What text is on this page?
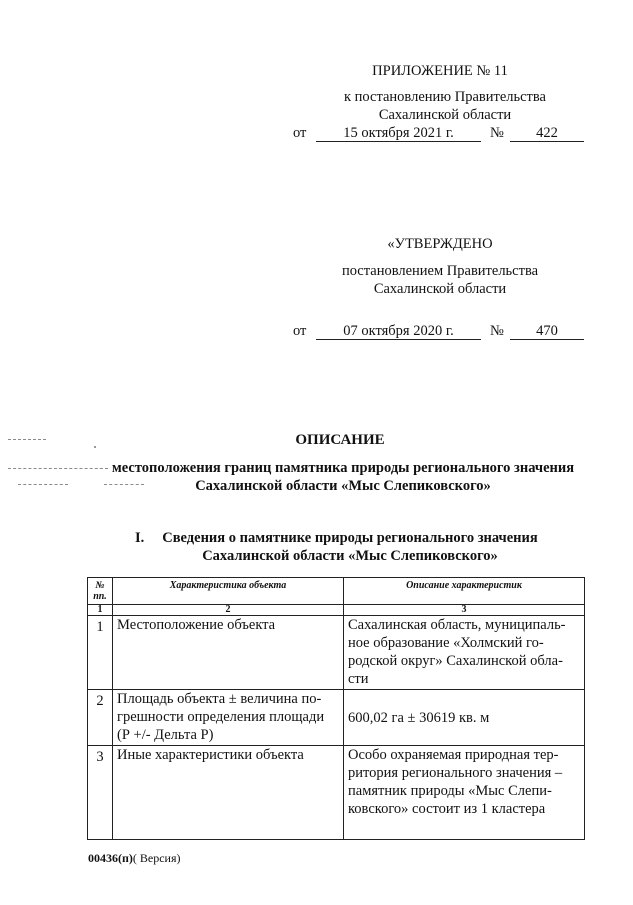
ПРИЛОЖЕНИЕ № 11
к постановлению Правительства
Сахалинской области
от	15 октября 2021 г.	№	422
«УТВЕРЖДЕНО
постановлением Правительства
Сахалинской области
от	07 октября 2020 г.	№	470
ОПИСАНИЕ
местоположения границ памятника природы регионального значения
Сахалинской области «Мыс Слепиковского»
I.	Сведения о памятнике природы регионального значения
Сахалинской области «Мыс Слепиковского»
№ пп.	Характеристика объекта	Описание характеристик
1	2	3
1	Местоположение объекта	Сахалинская область, муниципаль-
ное образование «Холмский го-
родской округ» Сахалинской обла-
сти

2	Площадь объекта ± величина по-
грешности определения площади
(Р +/- Дельта Р)	600,02 га ± 30619 кв. м

3	Иные характеристики объекта	Особо охраняемая природная тер-
ритория регионального значения –
памятник природы «Мыс Слепи-
ковского» состоит из 1 кластера
00436(п)( Версия)
